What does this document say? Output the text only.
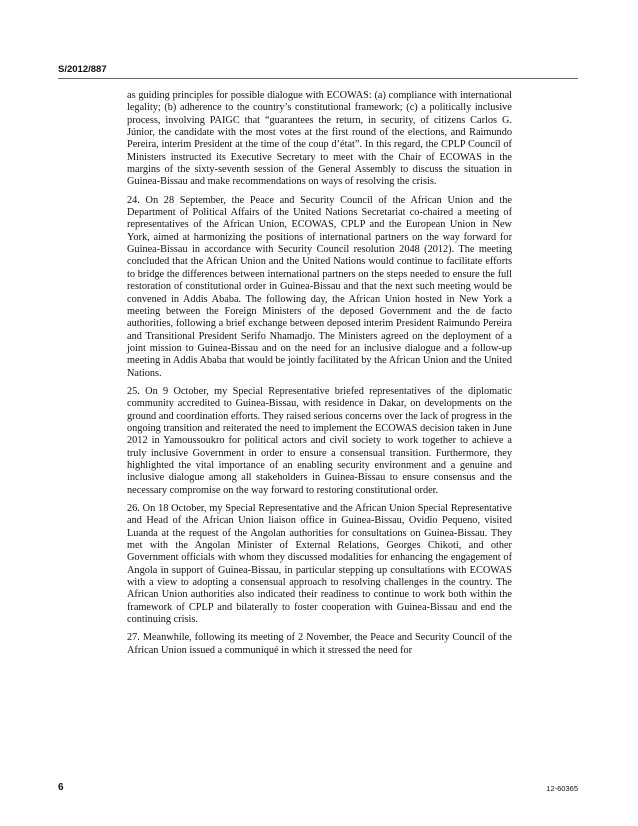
S/2012/887

as guiding principles for possible dialogue with ECOWAS: (a) compliance with international legality; (b) adherence to the country’s constitutional framework; (c) a politically inclusive process, involving PAIGC that “guarantees the return, in security, of citizens Carlos G. Júnior, the candidate with the most votes at the first round of the elections, and Raimundo Pereira, interim President at the time of the coup d’état”. In this regard, the CPLP Council of Ministers instructed its Executive Secretary to meet with the Chair of ECOWAS in the margins of the sixty-seventh session of the General Assembly to discuss the situation in Guinea-Bissau and make recommendations on ways of resolving the crisis.

24. On 28 September, the Peace and Security Council of the African Union and the Department of Political Affairs of the United Nations Secretariat co-chaired a meeting of representatives of the African Union, ECOWAS, CPLP and the European Union in New York, aimed at harmonizing the positions of international partners on the way forward for Guinea-Bissau in accordance with Security Council resolution 2048 (2012). The meeting concluded that the African Union and the United Nations would continue to facilitate efforts to bridge the differences between international partners on the steps needed to ensure the full restoration of constitutional order in Guinea-Bissau and that the next such meeting would be convened in Addis Ababa. The following day, the African Union hosted in New York a meeting between the Foreign Ministers of the deposed Government and the de facto authorities, following a brief exchange between deposed interim President Raimundo Pereira and Transitional President Serifo Nhamadjo. The Ministers agreed on the deployment of a joint mission to Guinea-Bissau and on the need for an inclusive dialogue and a follow-up meeting in Addis Ababa that would be jointly facilitated by the African Union and the United Nations.

25. On 9 October, my Special Representative briefed representatives of the diplomatic community accredited to Guinea-Bissau, with residence in Dakar, on developments on the ground and coordination efforts. They raised serious concerns over the lack of progress in the ongoing transition and reiterated the need to implement the ECOWAS decision taken in June 2012 in Yamoussoukro for political actors and civil society to work together to achieve a truly inclusive Government in order to ensure a consensual transition. Furthermore, they highlighted the vital importance of an enabling security environment and a genuine and inclusive dialogue among all stakeholders in Guinea-Bissau to ensure consensus and the necessary compromise on the way forward to restoring constitutional order.

26. On 18 October, my Special Representative and the African Union Special Representative and Head of the African Union liaison office in Guinea-Bissau, Ovidio Pequeno, visited Luanda at the request of the Angolan authorities for consultations on Guinea-Bissau. They met with the Angolan Minister of External Relations, Georges Chikoti, and other Government officials with whom they discussed modalities for enhancing the engagement of Angola in support of Guinea-Bissau, in particular stepping up consultations with ECOWAS with a view to adopting a consensual approach to resolving challenges in the country. The African Union authorities also indicated their readiness to continue to work both within the framework of CPLP and bilaterally to foster cooperation with Guinea-Bissau and end the continuing crisis.

27. Meanwhile, following its meeting of 2 November, the Peace and Security Council of the African Union issued a communiqué in which it stressed the need for

6	12-60365
